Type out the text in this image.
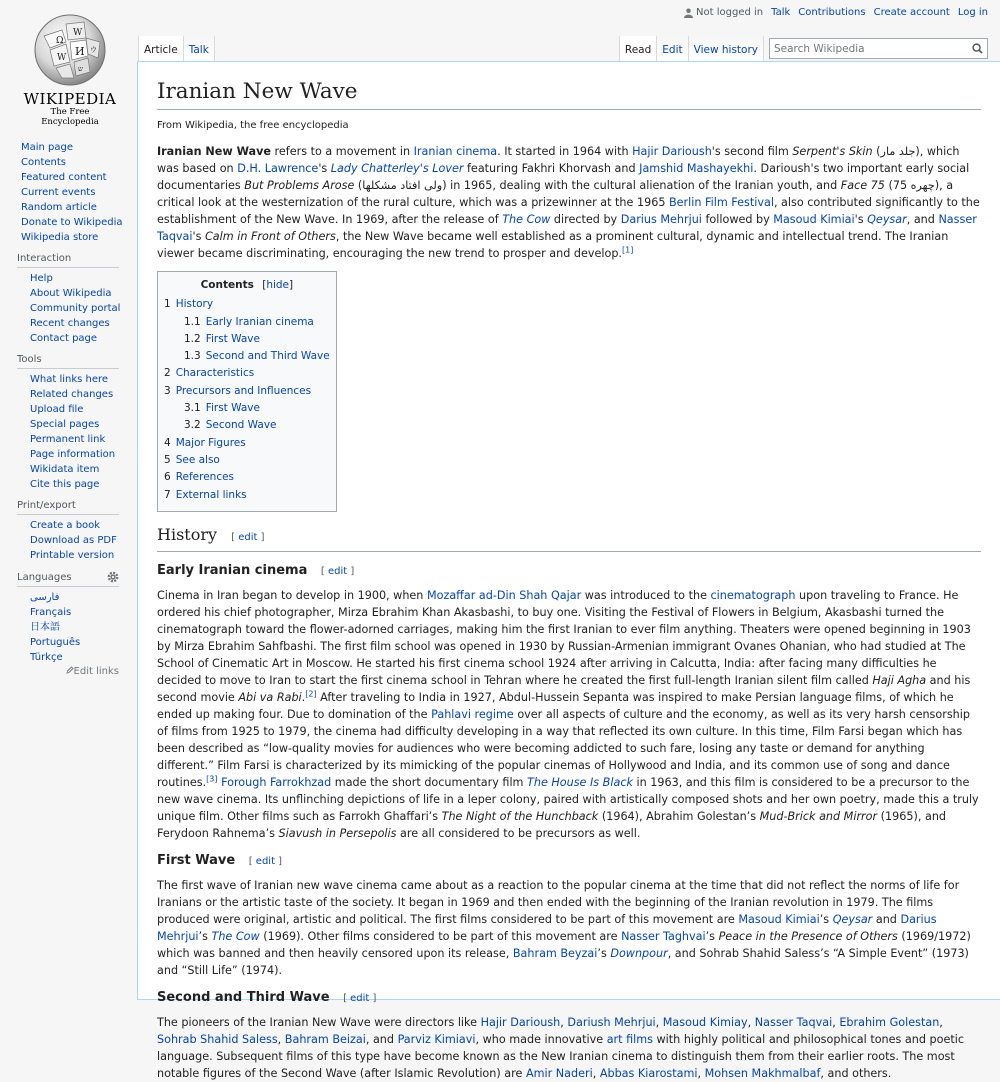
Not logged in Talk Contributions Create account Log in
Ω
W
И
W
ウ
ש
WIKIPEDIA
The Free Encyclopedia
Article	Talk	Read	Edit	View history
Search Wikipedia
Main page
Contents
Featured content
Current events
Random article
Donate to Wikipedia
Wikipedia store
Interaction
Help
About Wikipedia
Community portal
Recent changes
Contact page
Tools
What links here
Related changes
Upload file
Special pages
Permanent link
Page information
Wikidata item
Cite this page
Print/export
Create a book
Download as PDF
Printable version
Languages
فارسی
Français
日本語
Português
Türkçe
Edit links
Iranian New Wave
From Wikipedia, the free encyclopedia

Iranian New Wave refers to a movement in Iranian cinema. It started in 1964 with Hajir Darioush's second film Serpent's Skin (جلد مار), which was based on D.H. Lawrence's Lady Chatterley's Lover featuring Fakhri Khorvash and Jamshid Mashayekhi. Darioush's two important early social documentaries But Problems Arose (ولی افتاد مشکلها) in 1965, dealing with the cultural alienation of the Iranian youth, and Face 75 (چهره 75), a critical look at the westernization of the rural culture, which was a prizewinner at the 1965 Berlin Film Festival, also contributed significantly to the establishment of the New Wave. In 1969, after the release of The Cow directed by Darius Mehrjui followed by Masoud Kimiai's Qeysar, and Nasser Taqvai's Calm in Front of Others, the New Wave became well established as a prominent cultural, dynamic and intellectual trend. The Iranian viewer became discriminating, encouraging the new trend to prosper and develop.[1]

Contents [hide]
1 History
1.1 Early Iranian cinema
1.2 First Wave
1.3 Second and Third Wave
2 Characteristics
3 Precursors and Influences
3.1 First Wave
3.2 Second Wave
4 Major Figures
5 See also
6 References
7 External links
History [ edit ]
Early Iranian cinema [ edit ]

Cinema in Iran began to develop in 1900, when Mozaffar ad-Din Shah Qajar was introduced to the cinematograph upon traveling to France. He ordered his chief photographer, Mirza Ebrahim Khan Akasbashi, to buy one. Visiting the Festival of Flowers in Belgium, Akasbashi turned the cinematograph toward the flower-adorned carriages, making him the first Iranian to ever film anything. Theaters were opened beginning in 1903 by Mirza Ebrahim Sahfbashi. The first film school was opened in 1930 by Russian-Armenian immigrant Ovanes Ohanian, who had studied at The School of Cinematic Art in Moscow. He started his first cinema school 1924 after arriving in Calcutta, India: after facing many difficulties he decided to move to Iran to start the first cinema school in Tehran where he created the first full-length Iranian silent film called Haji Agha and his second movie Abi va Rabi.[2] After traveling to India in 1927, Abdul-Hussein Sepanta was inspired to make Persian language films, of which he ended up making four. Due to domination of the Pahlavi regime over all aspects of culture and the economy, as well as its very harsh censorship of films from 1925 to 1979, the cinema had difficulty developing in a way that reflected its own culture. In this time, Film Farsi began which has been described as “low-quality movies for audiences who were becoming addicted to such fare, losing any taste or demand for anything different.” Film Farsi is characterized by its mimicking of the popular cinemas of Hollywood and India, and its common use of song and dance routines.[3] Forough Farrokhzad made the short documentary film The House Is Black in 1963, and this film is considered to be a precursor to the new wave cinema. Its unflinching depictions of life in a leper colony, paired with artistically composed shots and her own poetry, made this a truly unique film. Other films such as Farrokh Ghaffari’s The Night of the Hunchback (1964), Abrahim Golestan’s Mud-Brick and Mirror (1965), and Ferydoon Rahnema’s Siavush in Persepolis are all considered to be precursors as well.

First Wave [ edit ]

The first wave of Iranian new wave cinema came about as a reaction to the popular cinema at the time that did not reflect the norms of life for Iranians or the artistic taste of the society. It began in 1969 and then ended with the beginning of the Iranian revolution in 1979. The films produced were original, artistic and political. The first films considered to be part of this movement are Masoud Kimiai’s Qeysar and Darius Mehrjui’s The Cow (1969). Other films considered to be part of this movement are Nasser Taghvai’s Peace in the Presence of Others (1969/1972) which was banned and then heavily censored upon its release, Bahram Beyzai’s Downpour, and Sohrab Shahid Saless’s “A Simple Event” (1973) and “Still Life” (1974).

Second and Third Wave [ edit ]

The pioneers of the Iranian New Wave were directors like Hajir Darioush, Dariush Mehrjui, Masoud Kimiay, Nasser Taqvai, Ebrahim Golestan, Sohrab Shahid Saless, Bahram Beizai, and Parviz Kimiavi, who made innovative art films with highly political and philosophical tones and poetic language. Subsequent films of this type have become known as the New Iranian cinema to distinguish them from their earlier roots. The most notable figures of the Second Wave (after Islamic Revolution) are Amir Naderi, Abbas Kiarostami, Mohsen Makhmalbaf, and others.
